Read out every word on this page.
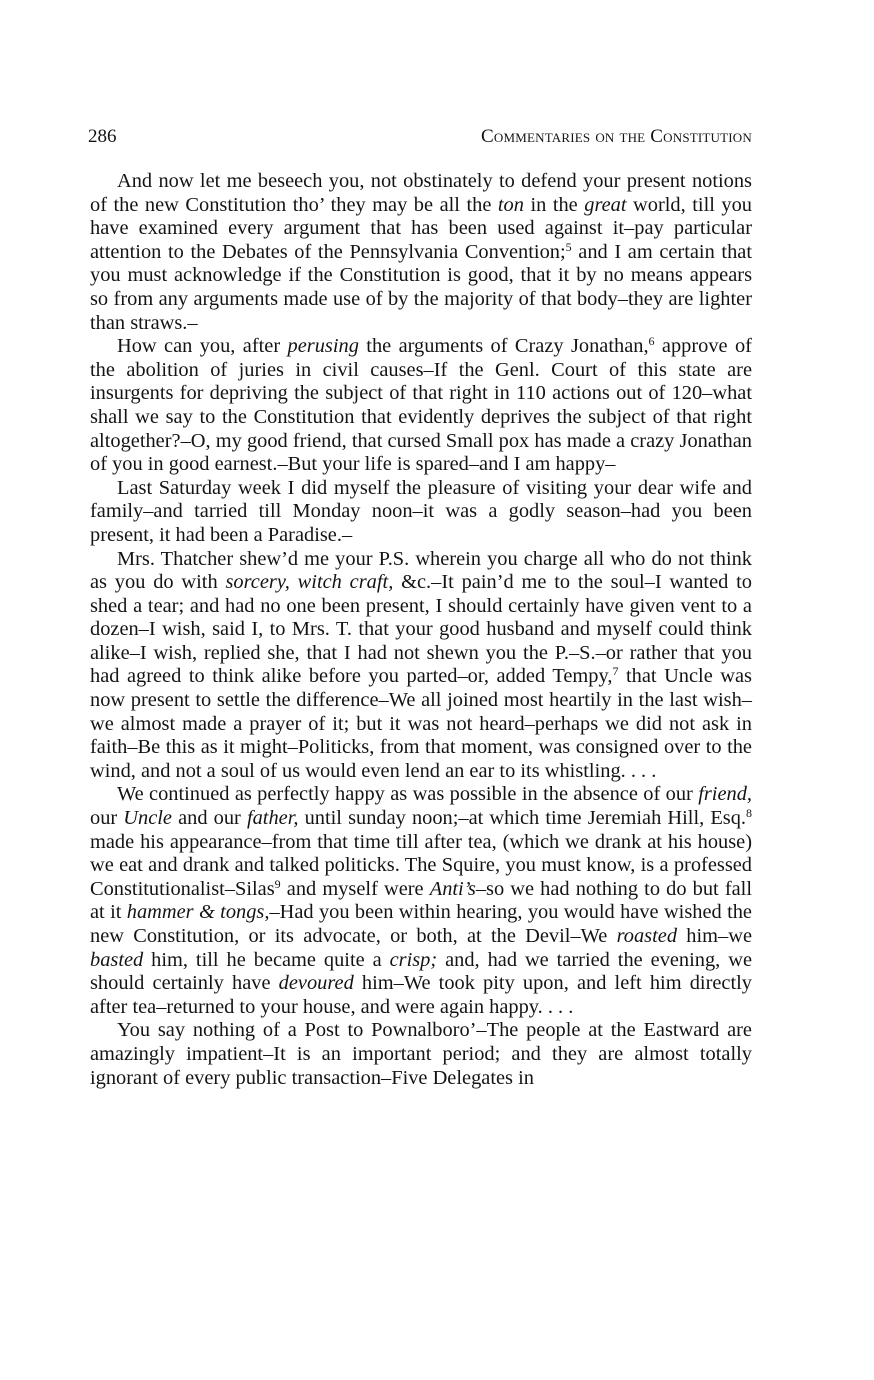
286	Commentaries on the Constitution

And now let me beseech you, not obstinately to defend your present notions of the new Constitution tho’ they may be all the ton in the great world, till you have examined every argument that has been used against it–pay particular attention to the Debates of the Pennsylvania Convention;$^5$ and I am certain that you must acknowledge if the Constitution is good, that it by no means appears so from any arguments made use of by the majority of that body–they are lighter than straws.–

How can you, after perusing the arguments of Crazy Jonathan,$^6$ approve of the abolition of juries in civil causes–If the Genl. Court of this state are insurgents for depriving the subject of that right in 110 actions out of 120–what shall we say to the Constitution that evidently deprives the subject of that right altogether?–O, my good friend, that cursed Small pox has made a crazy Jonathan of you in good earnest.–But your life is spared–and I am happy–

Last Saturday week I did myself the pleasure of visiting your dear wife and family–and tarried till Monday noon–it was a godly season–had you been present, it had been a Paradise.–

Mrs. Thatcher shew’d me your P.S. wherein you charge all who do not think as you do with sorcery, witch craft, &c.–It pain’d me to the soul–I wanted to shed a tear; and had no one been present, I should certainly have given vent to a dozen–I wish, said I, to Mrs. T. that your good husband and myself could think alike–I wish, replied she, that I had not shewn you the P.–S.–or rather that you had agreed to think alike before you parted–or, added Tempy,$^7$ that Uncle was now present to settle the difference–We all joined most heartily in the last wish–we almost made a prayer of it; but it was not heard–perhaps we did not ask in faith–Be this as it might–Politicks, from that moment, was consigned over to the wind, and not a soul of us would even lend an ear to its whistling. . . .

We continued as perfectly happy as was possible in the absence of our friend, our Uncle and our father, until sunday noon;–at which time Jeremiah Hill, Esq.$^8$ made his appearance–from that time till after tea, (which we drank at his house) we eat and drank and talked politicks. The Squire, you must know, is a professed Constitutionalist–Silas$^9$ and myself were Anti’s–so we had nothing to do but fall at it hammer & tongs,–Had you been within hearing, you would have wished the new Constitution, or its advocate, or both, at the Devil–We roasted him–we basted him, till he became quite a crisp; and, had we tarried the evening, we should certainly have devoured him–We took pity upon, and left him directly after tea–returned to your house, and were again happy. . . .

You say nothing of a Post to Pownalboro’–The people at the Eastward are amazingly impatient–It is an important period; and they are almost totally ignorant of every public transaction–Five Delegates in
